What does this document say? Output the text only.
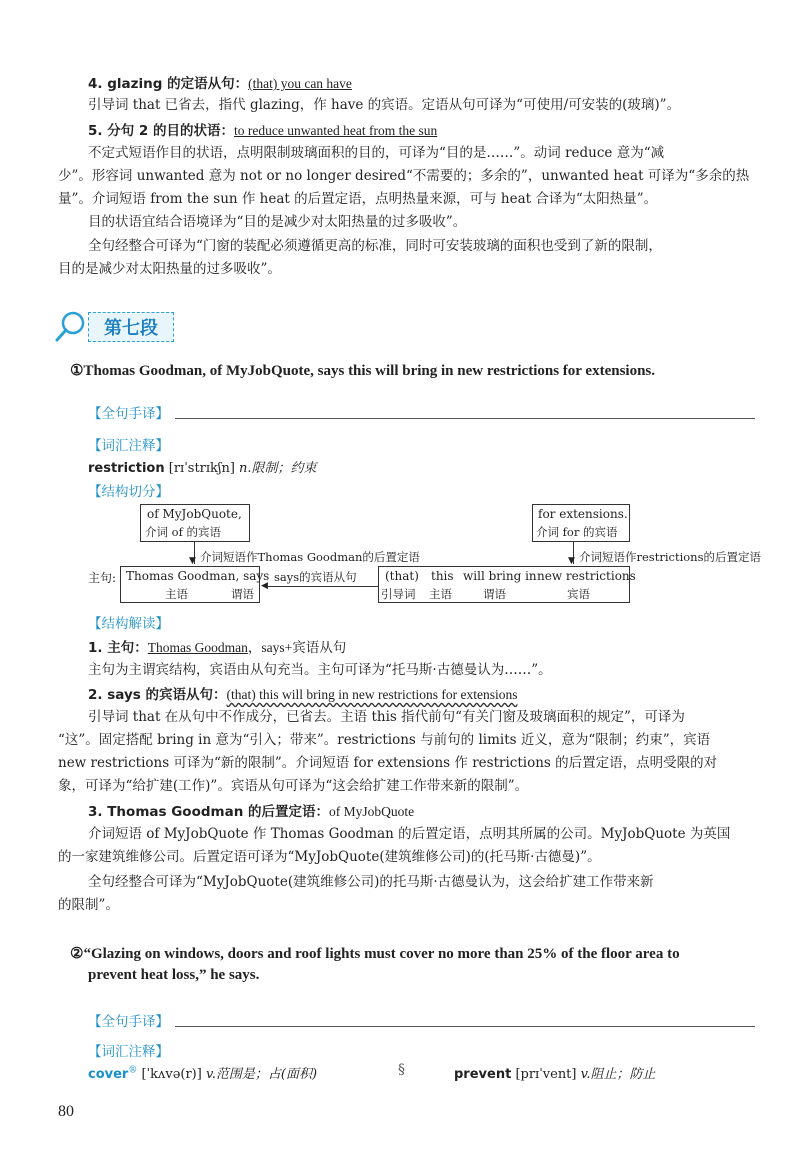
4. glazing 的定语从句：(that) you can have
引导词 that 已省去，指代 glazing，作 have 的宾语。定语从句可译为“可使用/可安装的(玻璃)”。
5. 分句 2 的目的状语：to reduce unwanted heat from the sun
不定式短语作目的状语，点明限制玻璃面积的目的，可译为“目的是……”。动词 reduce 意为“减
少”。形容词 unwanted 意为 not or no longer desired“不需要的；多余的”，unwanted heat 可译为“多余的热
量”。介词短语 from the sun 作 heat 的后置定语，点明热量来源，可与 heat 合译为“太阳热量”。
目的状语宜结合语境译为“目的是减少对太阳热量的过多吸收”。
全句经整合可译为“门窗的装配必须遵循更高的标准，同时可安装玻璃的面积也受到了新的限制，
目的是减少对太阳热量的过多吸收”。
第七段
①Thomas Goodman, of MyJobQuote, says this will bring in new restrictions for extensions.
【全句手译】
【词汇注释】
restriction [rɪˈstrɪkʃn] n.限制；约束
【结构切分】
of MyJobQuote,
介词 of 的宾语
for extensions.
介词 for 的宾语
▼ 介词短语作Thomas Goodman的后置定语	▼ 介词短语作restrictions的后置定语
主句: Thomas Goodman, says
主语	谓语
◀
says的宾语从句 (that) this will bring in new restrictions
引导词 主语	谓语	宾语
【结构解读】
1. 主句：Thomas Goodman，says+宾语从句
主句为主谓宾结构，宾语由从句充当。主句可译为“托马斯·古德曼认为……”。
2. says 的宾语从句：(that) this will bring in new restrictions for extensions
引导词 that 在从句中不作成分，已省去。主语 this 指代前句“有关门窗及玻璃面积的规定”，可译为
“这”。固定搭配 bring in 意为“引入；带来”。restrictions 与前句的 limits 近义，意为“限制；约束”，宾语
new restrictions 可译为“新的限制”。介词短语 for extensions 作 restrictions 的后置定语，点明受限的对
象，可译为“给扩建(工作)”。宾语从句可译为“这会给扩建工作带来新的限制”。
3. Thomas Goodman 的后置定语：of MyJobQuote
介词短语 of MyJobQuote 作 Thomas Goodman 的后置定语，点明其所属的公司。MyJobQuote 为英国
的一家建筑维修公司。后置定语可译为“MyJobQuote(建筑维修公司)的(托马斯·古德曼)”。
全句经整合可译为“MyJobQuote(建筑维修公司)的托马斯·古德曼认为，这会给扩建工作带来新
的限制”。
②“Glazing on windows, doors and roof lights must cover no more than 25% of the floor area to
prevent heat loss,” he says.
【全句手译】
【词汇注释】
cover® [ˈkʌvə(r)] v.范围是；占(面积)	§	prevent [prɪˈvent] v.阻止；防止
80
